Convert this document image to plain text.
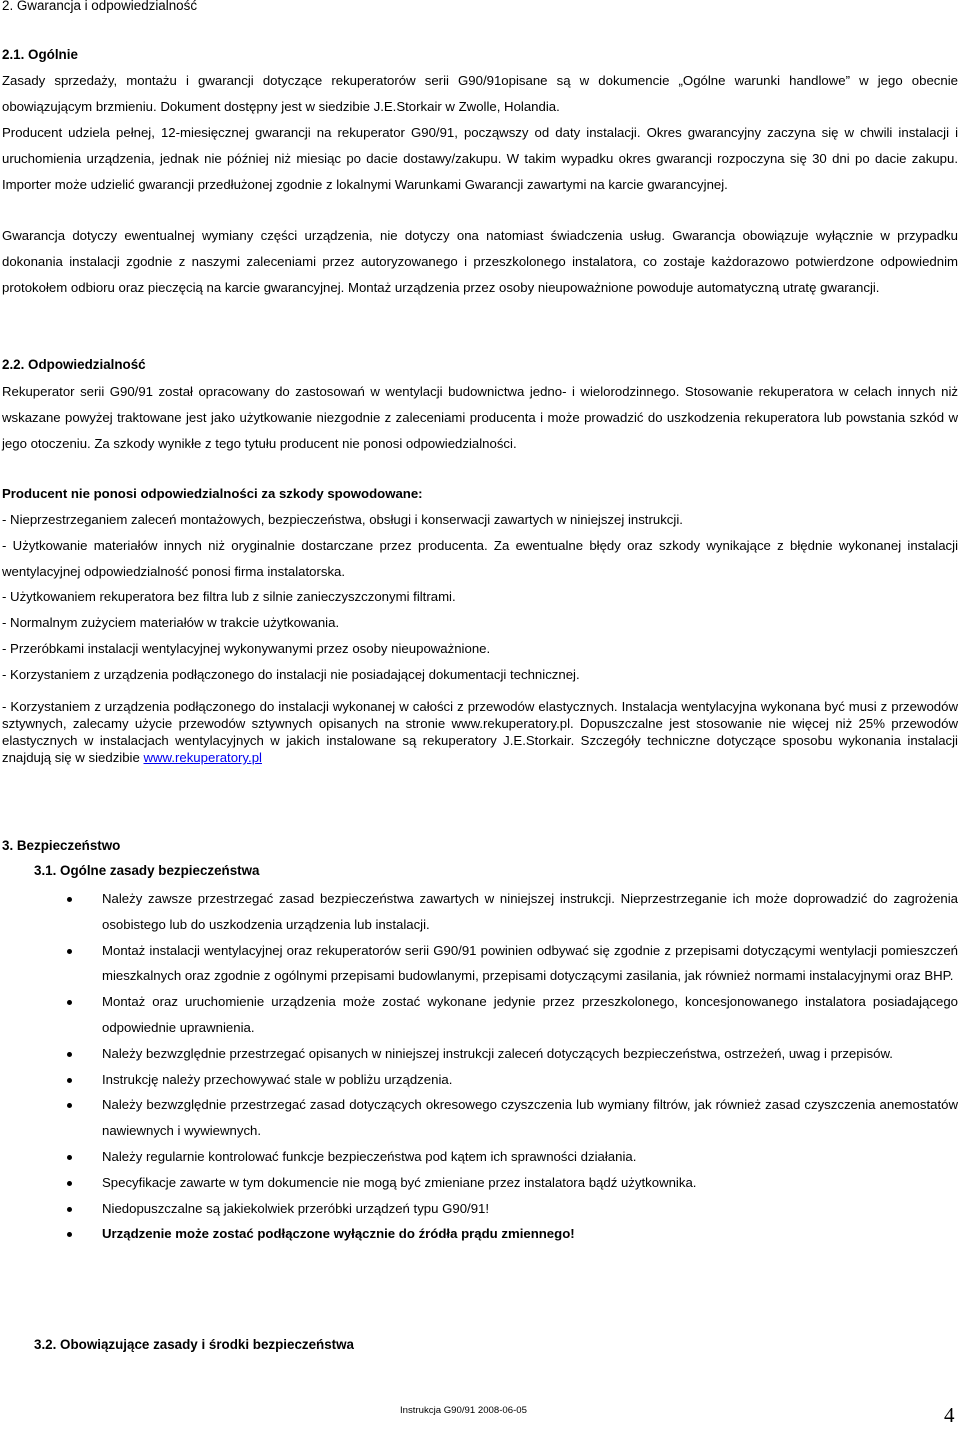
2. Gwarancja i odpowiedzialność
2.1. Ogólnie

Zasady sprzedaży, montażu i gwarancji dotyczące rekuperatorów serii G90/91opisane są w dokumencie „Ogólne warunki handlowe” w jego obecnie obowiązującym brzmieniu. Dokument dostępny jest w siedzibie J.E.Storkair w Zwolle, Holandia.

Producent udziela pełnej, 12-miesięcznej gwarancji na rekuperator G90/91, począwszy od daty instalacji. Okres gwarancyjny zaczyna się w chwili instalacji i uruchomienia urządzenia, jednak nie później niż miesiąc po dacie dostawy/zakupu. W takim wypadku okres gwarancji rozpoczyna się 30 dni po dacie zakupu. Importer może udzielić gwarancji przedłużonej zgodnie z lokalnymi Warunkami Gwarancji zawartymi na karcie gwarancyjnej.

Gwarancja dotyczy ewentualnej wymiany części urządzenia, nie dotyczy ona natomiast świadczenia usług. Gwarancja obowiązuje wyłącznie w przypadku dokonania instalacji zgodnie z naszymi zaleceniami przez autoryzowanego i przeszkolonego instalatora, co zostaje każdorazowo potwierdzone odpowiednim protokołem odbioru oraz pieczęcią na karcie gwarancyjnej. Montaż urządzenia przez osoby nieupoważnione powoduje automatyczną utratę gwarancji.

2.2. Odpowiedzialność

Rekuperator serii G90/91 został opracowany do zastosowań w wentylacji budownictwa jedno- i wielorodzinnego. Stosowanie rekuperatora w celach innych niż wskazane powyżej traktowane jest jako użytkowanie niezgodnie z zaleceniami producenta i może prowadzić do uszkodzenia rekuperatora lub powstania szkód w jego otoczeniu. Za szkody wynikłe z tego tytułu producent nie ponosi odpowiedzialności.

Producent nie ponosi odpowiedzialności za szkody spowodowane:

- Nieprzestrzeganiem zaleceń montażowych, bezpieczeństwa, obsługi i konserwacji zawartych w niniejszej instrukcji.
- Użytkowanie materiałów innych niż oryginalnie dostarczane przez producenta. Za ewentualne błędy oraz szkody wynikające z błędnie wykonanej instalacji wentylacyjnej odpowiedzialność ponosi firma instalatorska.
- Użytkowaniem rekuperatora bez filtra lub z silnie zanieczyszczonymi filtrami.
- Normalnym zużyciem materiałów w trakcie użytkowania.
- Przeróbkami instalacji wentylacyjnej wykonywanymi przez osoby nieupoważnione.
- Korzystaniem z urządzenia podłączonego do instalacji nie posiadającej dokumentacji technicznej.

- Korzystaniem z urządzenia podłączonego do instalacji wykonanej w całości z przewodów elastycznych. Instalacja wentylacyjna wykonana być musi z przewodów sztywnych, zalecamy użycie przewodów sztywnych opisanych na stronie www.rekuperatory.pl. Dopuszczalne jest stosowanie nie więcej niż 25% przewodów elastycznych w instalacjach wentylacyjnych w jakich instalowane są rekuperatory J.E.Storkair. Szczegóły techniczne dotyczące sposobu wykonania instalacji znajdują się w siedzibie www.rekuperatory.pl

3. Bezpieczeństwo
3.1. Ogólne zasady bezpieczeństwa
Należy zawsze przestrzegać zasad bezpieczeństwa zawartych w niniejszej instrukcji. Nieprzestrzeganie ich może doprowadzić do zagrożenia osobistego lub do uszkodzenia urządzenia lub instalacji.
Montaż instalacji wentylacyjnej oraz rekuperatorów serii G90/91 powinien odbywać się zgodnie z przepisami dotyczącymi wentylacji pomieszczeń mieszkalnych oraz zgodnie z ogólnymi przepisami budowlanymi, przepisami dotyczącymi zasilania, jak również normami instalacyjnymi oraz BHP.
Montaż oraz uruchomienie urządzenia może zostać wykonane jedynie przez przeszkolonego, koncesjonowanego instalatora posiadającego odpowiednie uprawnienia.
Należy bezwzględnie przestrzegać opisanych w niniejszej instrukcji zaleceń dotyczących bezpieczeństwa, ostrzeżeń, uwag i przepisów.
Instrukcję należy przechowywać stale w pobliżu urządzenia.
Należy bezwzględnie przestrzegać zasad dotyczących okresowego czyszczenia lub wymiany filtrów, jak również zasad czyszczenia anemostatów nawiewnych i wywiewnych.
Należy regularnie kontrolować funkcje bezpieczeństwa pod kątem ich sprawności działania.
Specyfikacje zawarte w tym dokumencie nie mogą być zmieniane przez instalatora bądź użytkownika.
Niedopuszczalne są jakiekolwiek przeróbki urządzeń typu G90/91!
Urządzenie może zostać podłączone wyłącznie do źródła prądu zmiennego!
3.2. Obowiązujące zasady i środki bezpieczeństwa
Instrukcja G90/91 2008-06-05	4
